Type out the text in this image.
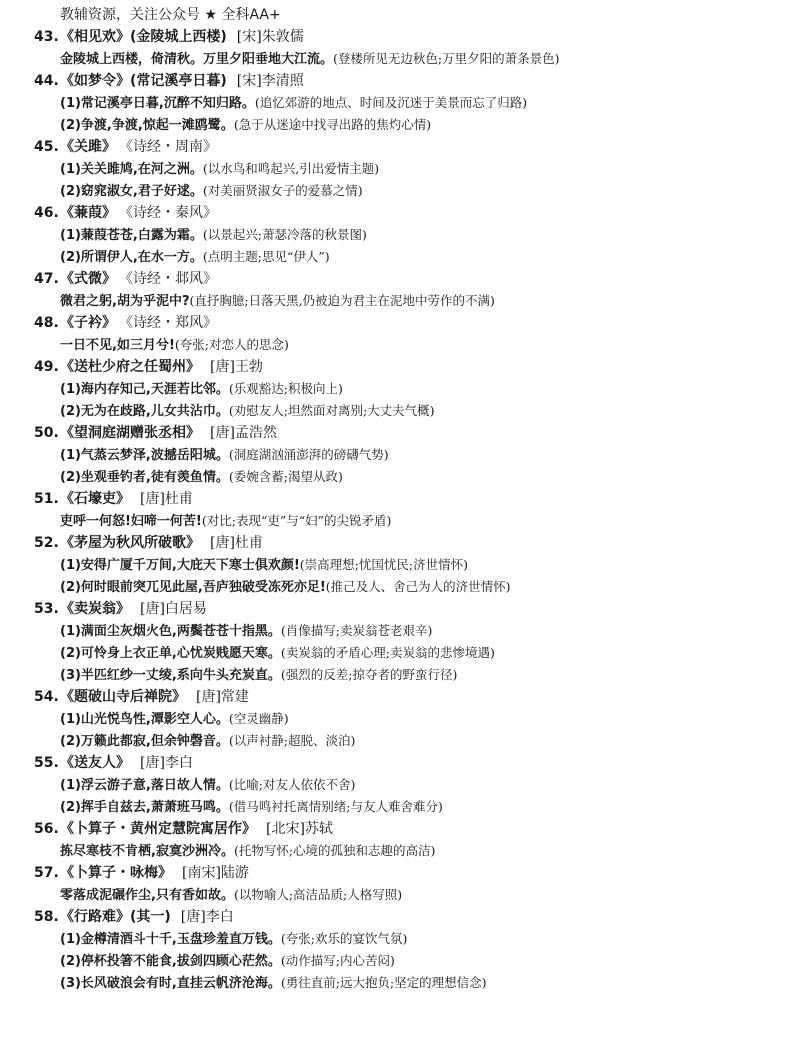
教辅资源，关注公众号 ★ 全科AA+
43.《相见欢》(金陵城上西楼) [宋]朱敦儒
金陵城上西楼，倚清秋。万里夕阳垂地大江流。(登楼所见无边秋色;万里夕阳的萧条景色)
44.《如梦令》(常记溪亭日暮) [宋]李清照
(1)常记溪亭日暮,沉醉不知归路。(追忆郊游的地点、时间及沉迷于美景而忘了归路)
(2)争渡,争渡,惊起一滩鸥鹭。(急于从迷途中找寻出路的焦灼心情)
45.《关雎》 《诗经・周南》
(1)关关雎鸠,在河之洲。(以水鸟和鸣起兴,引出爱情主题)
(2)窈窕淑女,君子好逑。(对美丽贤淑女子的爱慕之情)
46.《蒹葭》 《诗经・秦风》
(1)蒹葭苍苍,白露为霜。(以景起兴;萧瑟冷落的秋景图)
(2)所谓伊人,在水一方。(点明主题;思见“伊人”)
47.《式微》 《诗经・邶风》
微君之躬,胡为乎泥中?(直抒胸臆;日落天黑,仍被迫为君主在泥地中劳作的不满)
48.《子衿》 《诗经・郑风》
一日不见,如三月兮!(夸张;对恋人的思念)
49.《送杜少府之任蜀州》 [唐]王勃
(1)海内存知己,天涯若比邻。(乐观豁达;积极向上)
(2)无为在歧路,儿女共沾巾。(劝慰友人;坦然面对离别;大丈夫气概)
50.《望洞庭湖赠张丞相》 [唐]孟浩然
(1)气蒸云梦泽,波撼岳阳城。(洞庭湖汹涌澎湃的磅礴气势)
(2)坐观垂钓者,徒有羡鱼情。(委婉含蓄;渴望从政)
51.《石壕吏》 [唐]杜甫
吏呼一何怒!妇啼一何苦!(对比;表现“吏”与“妇”的尖锐矛盾)
52.《茅屋为秋风所破歌》 [唐]杜甫
(1)安得广厦千万间,大庇天下寒士俱欢颜!(崇高理想;忧国忧民;济世情怀)
(2)何时眼前突兀见此屋,吾庐独破受冻死亦足!(推己及人、舍己为人的济世情怀)
53.《卖炭翁》 [唐]白居易
(1)满面尘灰烟火色,两鬓苍苍十指黑。(肖像描写;卖炭翁苍老艰辛)
(2)可怜身上衣正单,心忧炭贱愿天寒。(卖炭翁的矛盾心理;卖炭翁的悲惨境遇)
(3)半匹红纱一丈绫,系向牛头充炭直。(强烈的反差;掠夺者的野蛮行径)
54.《题破山寺后禅院》 [唐]常建
(1)山光悦鸟性,潭影空人心。(空灵幽静)
(2)万籁此都寂,但余钟磬音。(以声衬静;超脱、淡泊)
55.《送友人》 [唐]李白
(1)浮云游子意,落日故人情。(比喻;对友人依依不舍)
(2)挥手自兹去,萧萧班马鸣。(借马鸣衬托离情别绪;与友人难舍难分)
56.《卜算子・黄州定慧院寓居作》 [北宋]苏轼
拣尽寒枝不肯栖,寂寞沙洲冷。(托物写怀;心境的孤独和志趣的高洁)
57.《卜算子・咏梅》 [南宋]陆游
零落成泥碾作尘,只有香如故。(以物喻人;高洁品质;人格写照)
58.《行路难》(其一) [唐]李白
(1)金樽清酒斗十千,玉盘珍羞直万钱。(夸张;欢乐的宴饮气氛)
(2)停杯投箸不能食,拔剑四顾心茫然。(动作描写;内心苦闷)
(3)长风破浪会有时,直挂云帆济沧海。(勇往直前;远大抱负;坚定的理想信念)
